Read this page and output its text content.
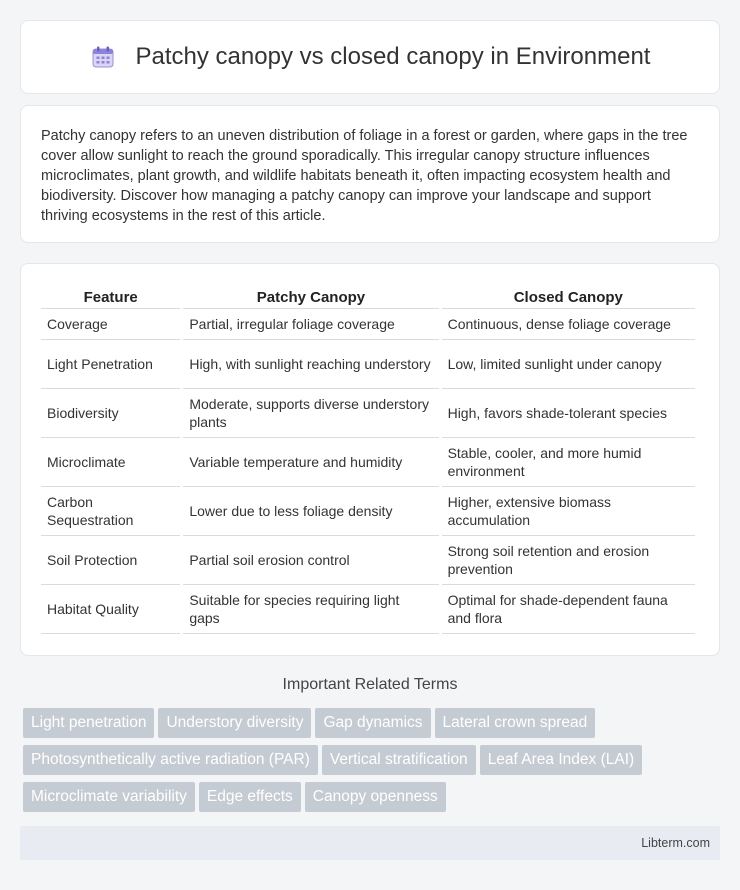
Patchy canopy vs closed canopy in Environment

Patchy canopy refers to an uneven distribution of foliage in a forest or garden, where gaps in the tree cover allow sunlight to reach the ground sporadically. This irregular canopy structure influences microclimates, plant growth, and wildlife habitats beneath it, often impacting ecosystem health and biodiversity. Discover how managing a patchy canopy can improve your landscape and support thriving ecosystems in the rest of this article.

Feature	Patchy Canopy	Closed Canopy
Coverage	Partial, irregular foliage coverage	Continuous, dense foliage coverage
Light Penetration	High, with sunlight reaching understory	Low, limited sunlight under canopy
Biodiversity	Moderate, supports diverse understory plants	High, favors shade-tolerant species
Microclimate	Variable temperature and humidity	Stable, cooler, and more humid environment
Carbon Sequestration	Lower due to less foliage density	Higher, extensive biomass accumulation
Soil Protection	Partial soil erosion control	Strong soil retention and erosion prevention
Habitat Quality	Suitable for species requiring light gaps	Optimal for shade-dependent fauna and flora
Important Related Terms
Light penetration Understory diversity Gap dynamics Lateral crown spread
Photosynthetically active radiation (PAR) Vertical stratification Leaf Area Index (LAI)
Microclimate variability Edge effects Canopy openness
Libterm.com
